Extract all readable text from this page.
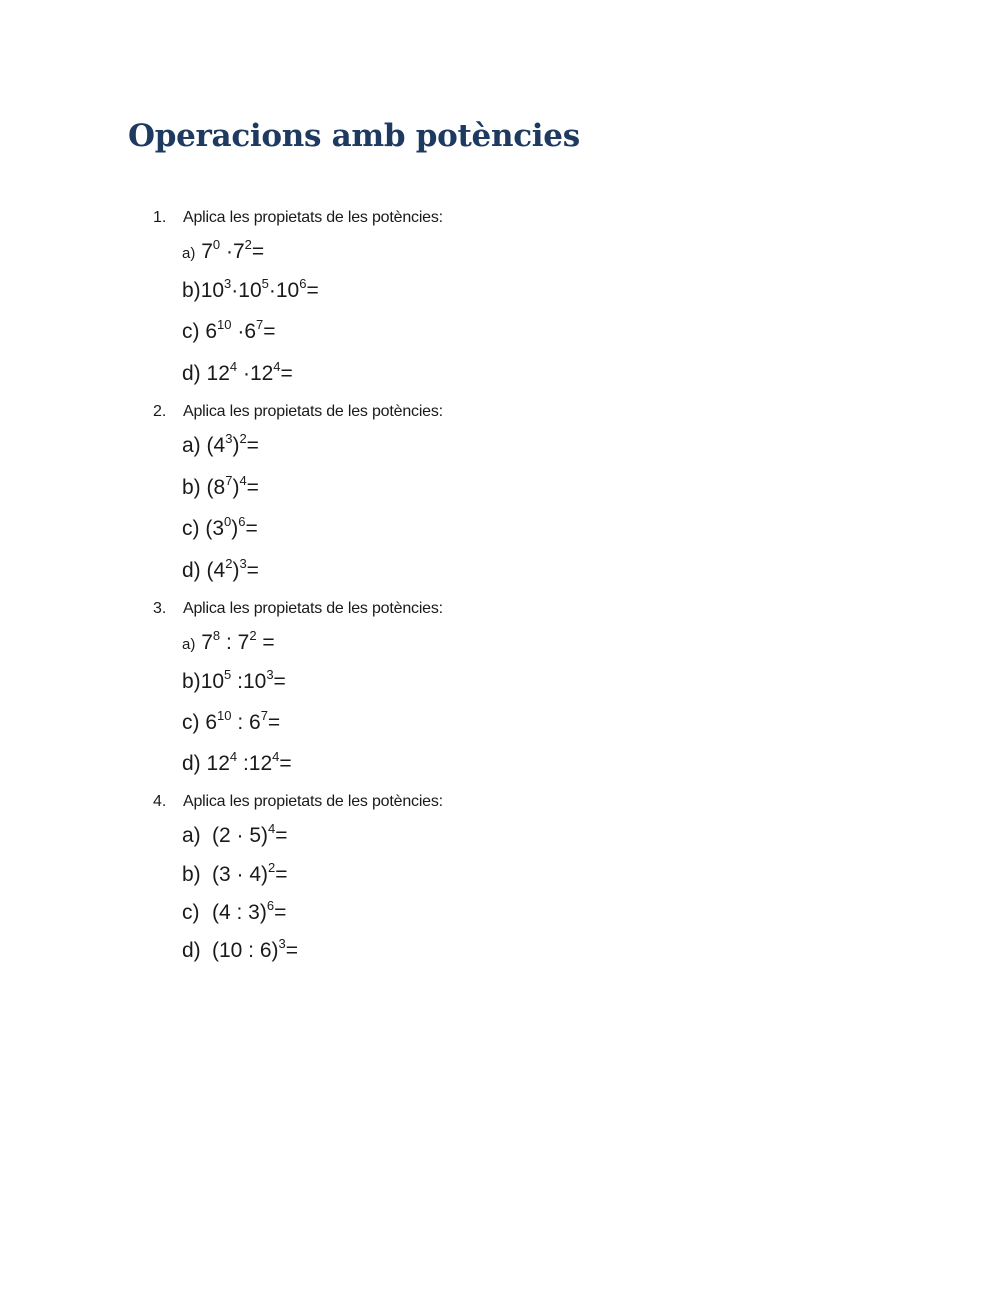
Operacions amb potències
1. Aplica les propietats de les potències:
a) $7^0 \cdot 7^2=$
$b)10^3\cdot 10^5\cdot 10^6=$
c) $6^{10} \cdot 6^7=$
d) $12^4 \cdot 12^4=$
2. Aplica les propietats de les potències:
a) $(4^3)^2=$
b) $(8^7)^4=$
c) $(3^0)^6=$
d) $(4^2)^3=$
3. Aplica les propietats de les potències:
a) $7^8$ : $7^2$ =
$b)10^5$ $:10^3=$
c) $6^{10}$ : $6^7=$
d) $12^4$ $:12^4=$
4. Aplica les propietats de les potències:
a) $(2 \cdot 5)^4=$
b) $(3 \cdot 4)^2=$
c) (4 : 3)$^6$=
d) (10 : 6)$^3$=
